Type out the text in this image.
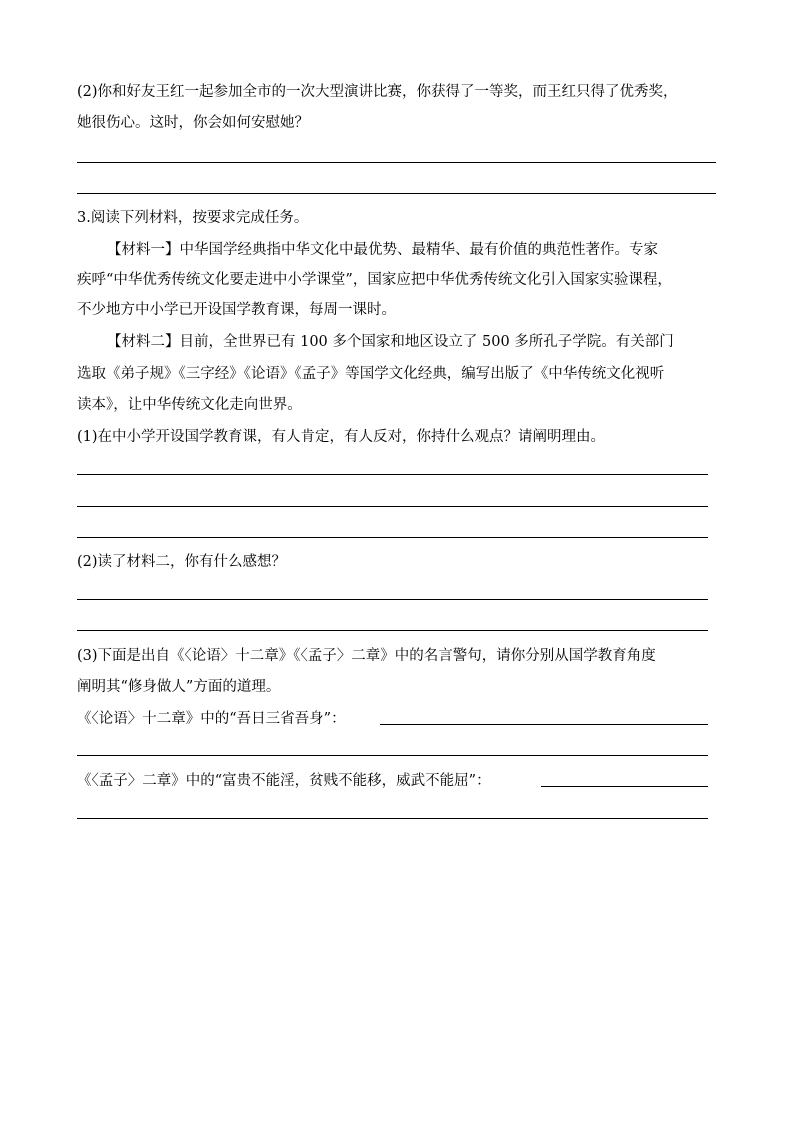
(2)你和好友王红一起参加全市的一次大型演讲比赛，你获得了一等奖，而王红只得了优秀奖，
她很伤心。这时，你会如何安慰她？
3.阅读下列材料，按要求完成任务。
【材料一】中华国学经典指中华文化中最优势、最精华、最有价值的典范性著作。专家
疾呼“中华优秀传统文化要走进中小学课堂”，国家应把中华优秀传统文化引入国家实验课程，
不少地方中小学已开设国学教育课，每周一课时。
【材料二】目前，全世界已有 100 多个国家和地区设立了 500 多所孔子学院。有关部门
选取《弟子规》《三字经》《论语》《孟子》等国学文化经典，编写出版了《中华传统文化视听
读本》，让中华传统文化走向世界。
(1)在中小学开设国学教育课，有人肯定，有人反对，你持什么观点？请阐明理由。
(2)读了材料二，你有什么感想？
(3)下面是出自《〈论语〉十二章》《〈孟子〉二章》中的名言警句，请你分别从国学教育角度
阐明其“修身做人”方面的道理。
《〈论语〉十二章》中的“吾日三省吾身”：
《〈孟子〉二章》中的“富贵不能淫，贫贱不能移，威武不能屈”：
